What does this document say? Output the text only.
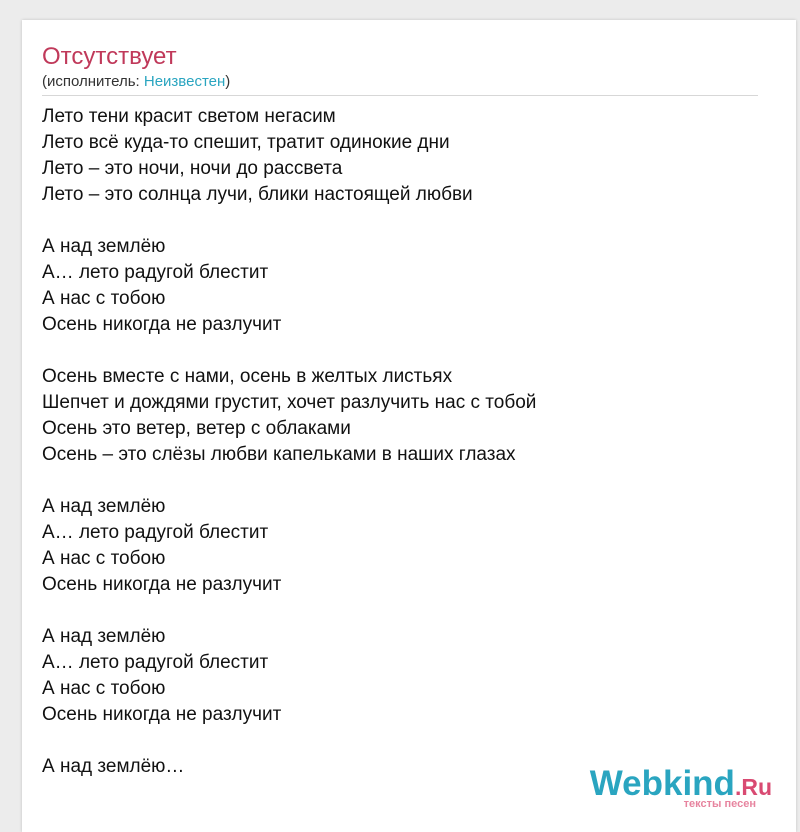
Отсутствует
(исполнитель: Неизвестен)
Лето тени красит светом негасим
Лето всё куда-то спешит, тратит одинокие дни
Лето – это ночи, ночи до рассвета
Лето – это солнца лучи, блики настоящей любви
А над землёю
А… лето радугой блестит
А нас с тобою
Осень никогда не разлучит
Осень вместе с нами, осень в желтых листьях
Шепчет и дождями грустит, хочет разлучить нас с тобой
Осень это ветер, ветер с облаками
Осень – это слёзы любви капельками в наших глазах
А над землёю
А… лето радугой блестит
А нас с тобою
Осень никогда не разлучит
А над землёю
А… лето радугой блестит
А нас с тобою
Осень никогда не разлучит
А над землёю…	Webkind.Ru
тексты песен
